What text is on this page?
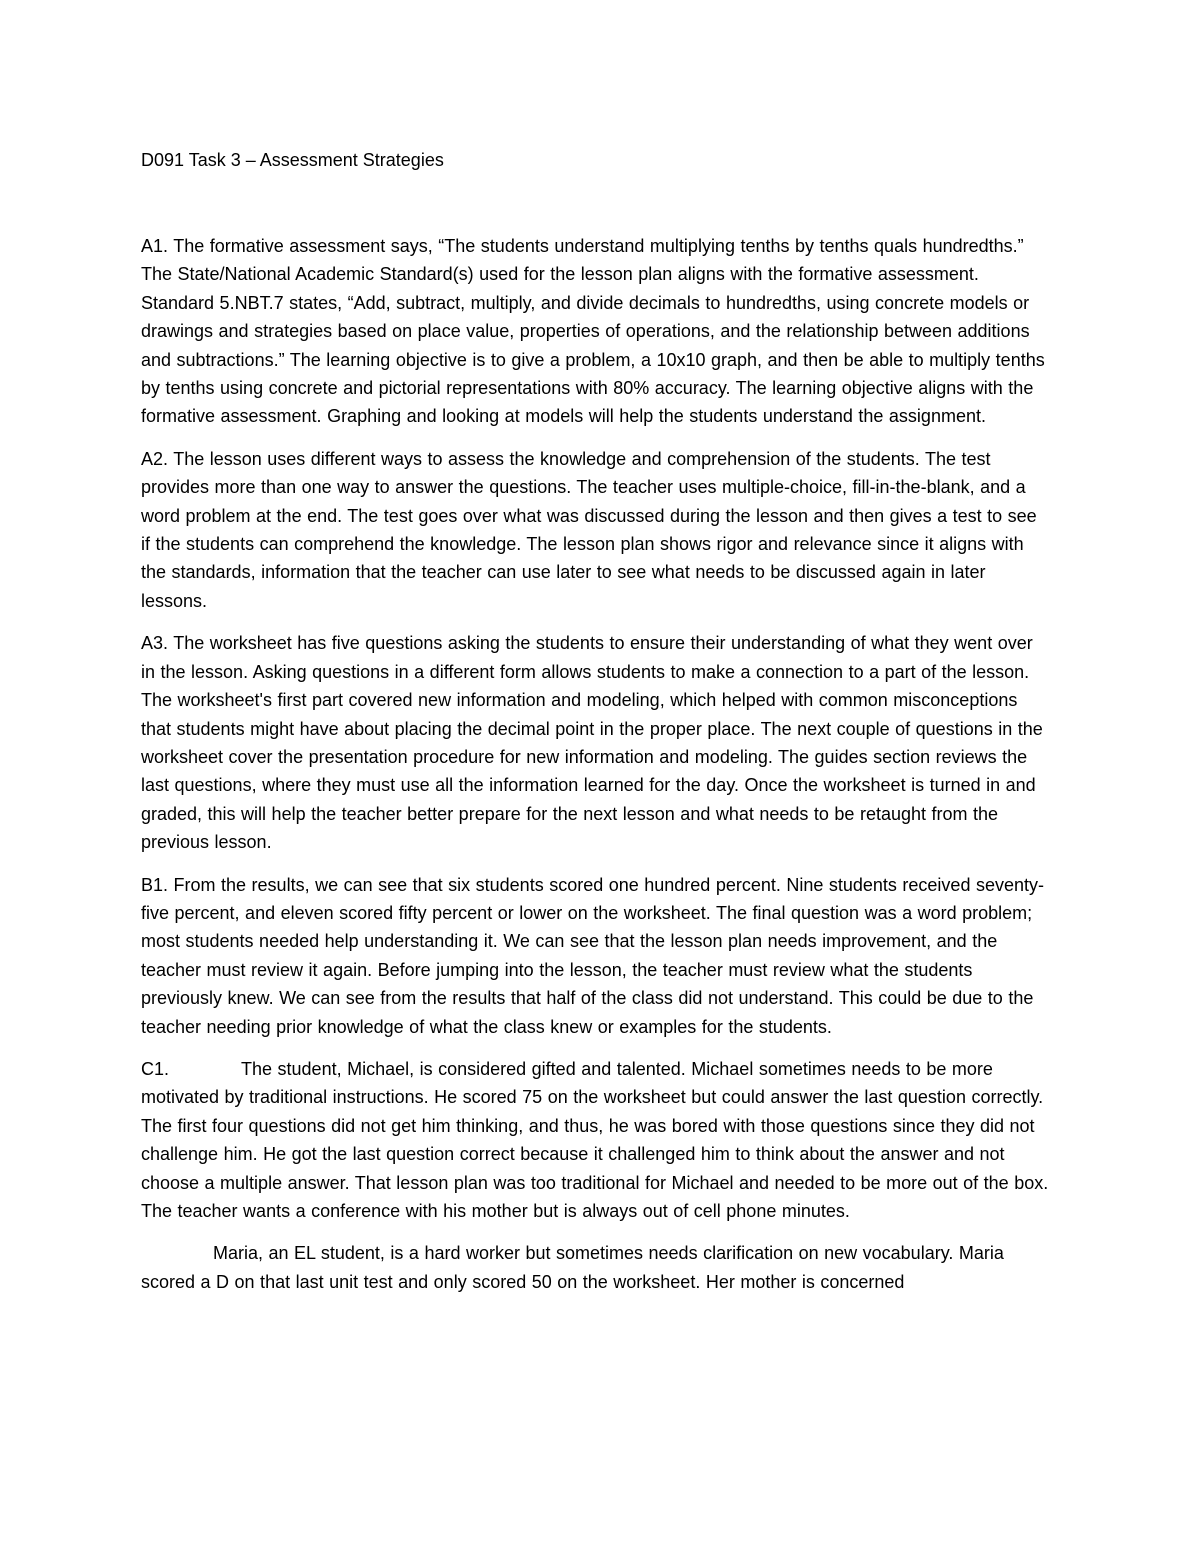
D091 Task 3 – Assessment Strategies

A1. The formative assessment says, “The students understand multiplying tenths by tenths quals hundredths.” The State/National Academic Standard(s) used for the lesson plan aligns with the formative assessment. Standard 5.NBT.7 states, “Add, subtract, multiply, and divide decimals to hundredths, using concrete models or drawings and strategies based on place value, properties of operations, and the relationship between additions and subtractions.” The learning objective is to give a problem, a 10x10 graph, and then be able to multiply tenths by tenths using concrete and pictorial representations with 80% accuracy. The learning objective aligns with the formative assessment. Graphing and looking at models will help the students understand the assignment.

A2. The lesson uses different ways to assess the knowledge and comprehension of the students. The test provides more than one way to answer the questions. The teacher uses multiple-choice, fill-in-the-blank, and a word problem at the end. The test goes over what was discussed during the lesson and then gives a test to see if the students can comprehend the knowledge. The lesson plan shows rigor and relevance since it aligns with the standards, information that the teacher can use later to see what needs to be discussed again in later lessons.

A3. The worksheet has five questions asking the students to ensure their understanding of what they went over in the lesson. Asking questions in a different form allows students to make a connection to a part of the lesson. The worksheet's first part covered new information and modeling, which helped with common misconceptions that students might have about placing the decimal point in the proper place. The next couple of questions in the worksheet cover the presentation procedure for new information and modeling. The guides section reviews the last questions, where they must use all the information learned for the day. Once the worksheet is turned in and graded, this will help the teacher better prepare for the next lesson and what needs to be retaught from the previous lesson.

B1. From the results, we can see that six students scored one hundred percent. Nine students received seventy-five percent, and eleven scored fifty percent or lower on the worksheet. The final question was a word problem; most students needed help understanding it. We can see that the lesson plan needs improvement, and the teacher must review it again. Before jumping into the lesson, the teacher must review what the students previously knew. We can see from the results that half of the class did not understand. This could be due to the teacher needing prior knowledge of what the class knew or examples for the students.

C1.	The student, Michael, is considered gifted and talented. Michael sometimes needs to be more motivated by traditional instructions. He scored 75 on the worksheet but could answer the last question correctly. The first four questions did not get him thinking, and thus, he was bored with those questions since they did not challenge him. He got the last question correct because it challenged him to think about the answer and not choose a multiple answer. That lesson plan was too traditional for Michael and needed to be more out of the box. The teacher wants a conference with his mother but is always out of cell phone minutes.

Maria, an EL student, is a hard worker but sometimes needs clarification on new vocabulary. Maria scored a D on that last unit test and only scored 50 on the worksheet. Her mother is concerned
